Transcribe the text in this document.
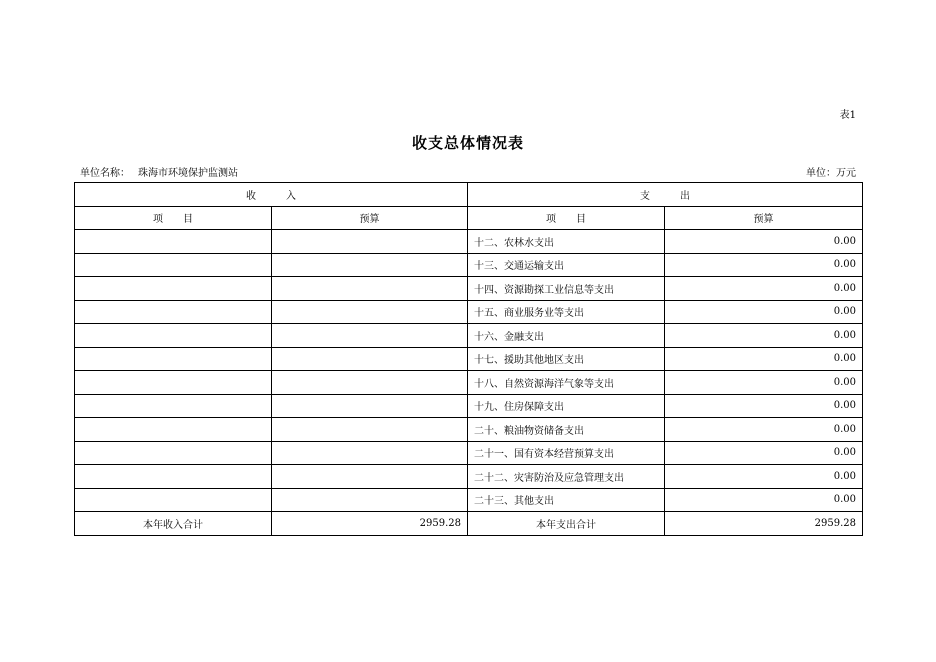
表1
收支总体情况表
单位名称： 珠海市环境保护监测站	单位：万元
收　　　入		支　　　出	
项　　目	预算	项　　目	预算
		十二、农林水支出	0.00
		十三、交通运输支出	0.00
		十四、资源勘探工业信息等支出	0.00
		十五、商业服务业等支出	0.00
		十六、金融支出	0.00
		十七、援助其他地区支出	0.00
		十八、自然资源海洋气象等支出	0.00
		十九、住房保障支出	0.00
		二十、粮油物资储备支出	0.00
		二十一、国有资本经营预算支出	0.00
		二十二、灾害防治及应急管理支出	0.00
		二十三、其他支出	0.00
本年收入合计	2959.28	本年支出合计	2959.28
